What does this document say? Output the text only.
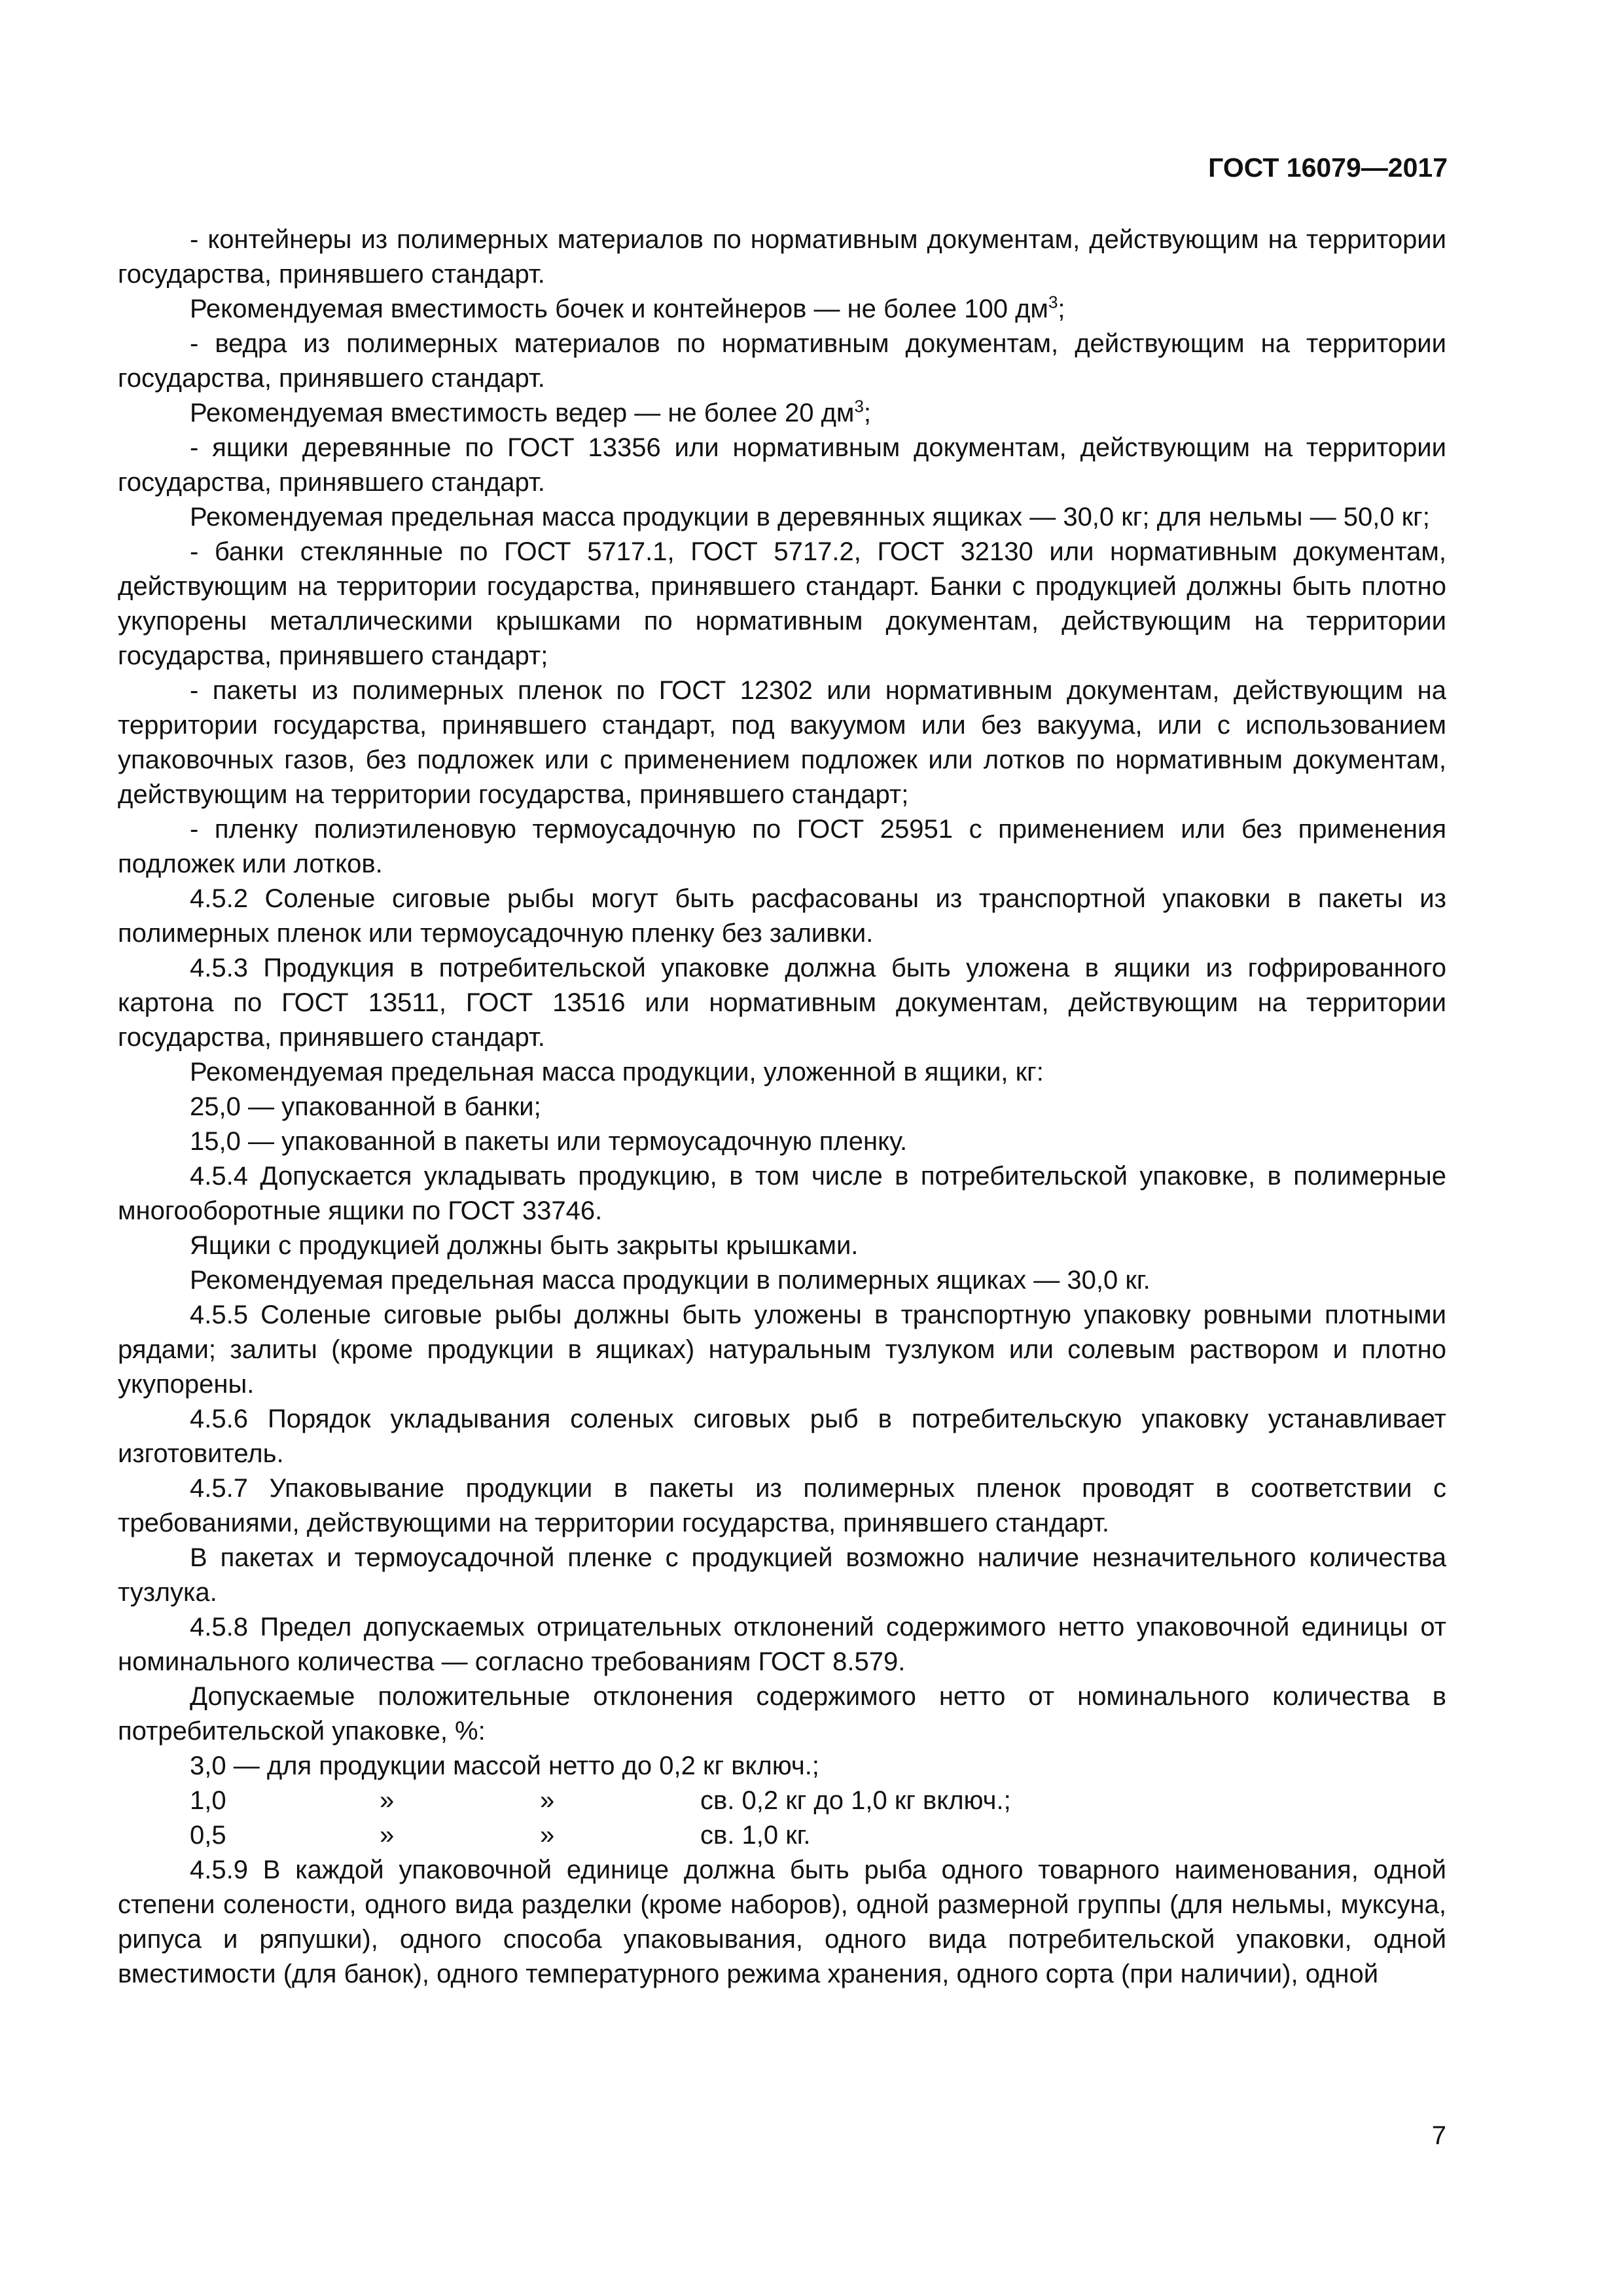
ГОСТ 16079—2017

- контейнеры из полимерных материалов по нормативным документам, действующим на территории государства, принявшего стандарт.

Рекомендуемая вместимость бочек и контейнеров — не более 100 $дм^3$;

- ведра из полимерных материалов по нормативным документам, действующим на территории государства, принявшего стандарт.

Рекомендуемая вместимость ведер — не более 20 $дм^3$;

- ящики деревянные по ГОСТ 13356 или нормативным документам, действующим на территории государства, принявшего стандарт.

Рекомендуемая предельная масса продукции в деревянных ящиках — 30,0 кг; для нельмы — 50,0 кг;

- банки стеклянные по ГОСТ 5717.1, ГОСТ 5717.2, ГОСТ 32130 или нормативным документам, действующим на территории государства, принявшего стандарт. Банки с продукцией должны быть плотно укупорены металлическими крышками по нормативным документам, действующим на территории государства, принявшего стандарт;

- пакеты из полимерных пленок по ГОСТ 12302 или нормативным документам, действующим на территории государства, принявшего стандарт, под вакуумом или без вакуума, или с использованием упаковочных газов, без подложек или с применением подложек или лотков по нормативным документам, действующим на территории государства, принявшего стандарт;

- пленку полиэтиленовую термоусадочную по ГОСТ 25951 с применением или без применения подложек или лотков.

4.5.2 Соленые сиговые рыбы могут быть расфасованы из транспортной упаковки в пакеты из полимерных пленок или термоусадочную пленку без заливки.

4.5.3 Продукция в потребительской упаковке должна быть уложена в ящики из гофрированного картона по ГОСТ 13511, ГОСТ 13516 или нормативным документам, действующим на территории государства, принявшего стандарт.

Рекомендуемая предельная масса продукции, уложенной в ящики, кг:

25,0 — упакованной в банки;

15,0 — упакованной в пакеты или термоусадочную пленку.

4.5.4 Допускается укладывать продукцию, в том числе в потребительской упаковке, в полимерные многооборотные ящики по ГОСТ 33746.

Ящики с продукцией должны быть закрыты крышками.

Рекомендуемая предельная масса продукции в полимерных ящиках — 30,0 кг.

4.5.5 Соленые сиговые рыбы должны быть уложены в транспортную упаковку ровными плотными рядами; залиты (кроме продукции в ящиках) натуральным тузлуком или солевым раствором и плотно укупорены.

4.5.6 Порядок укладывания соленых сиговых рыб в потребительскую упаковку устанавливает изготовитель.

4.5.7 Упаковывание продукции в пакеты из полимерных пленок проводят в соответствии с требованиями, действующими на территории государства, принявшего стандарт.

В пакетах и термоусадочной пленке с продукцией возможно наличие незначительного количества тузлука.

4.5.8 Предел допускаемых отрицательных отклонений содержимого нетто упаковочной единицы от номинального количества — согласно требованиям ГОСТ 8.579.

Допускаемые положительные отклонения содержимого нетто от номинального количества в потребительской упаковке, %:

3,0 — для продукции массой нетто до 0,2 кг включ.;

1,0	»	»	св. 0,2 кг до 1,0 кг включ.;
0,5	»	»	св. 1,0 кг.

4.5.9 В каждой упаковочной единице должна быть рыба одного товарного наименования, одной степени солености, одного вида разделки (кроме наборов), одной размерной группы (для нельмы, муксуна, рипуса и ряпушки), одного способа упаковывания, одного вида потребительской упаковки, одной вместимости (для банок), одного температурного режима хранения, одного сорта (при наличии), одной

7
